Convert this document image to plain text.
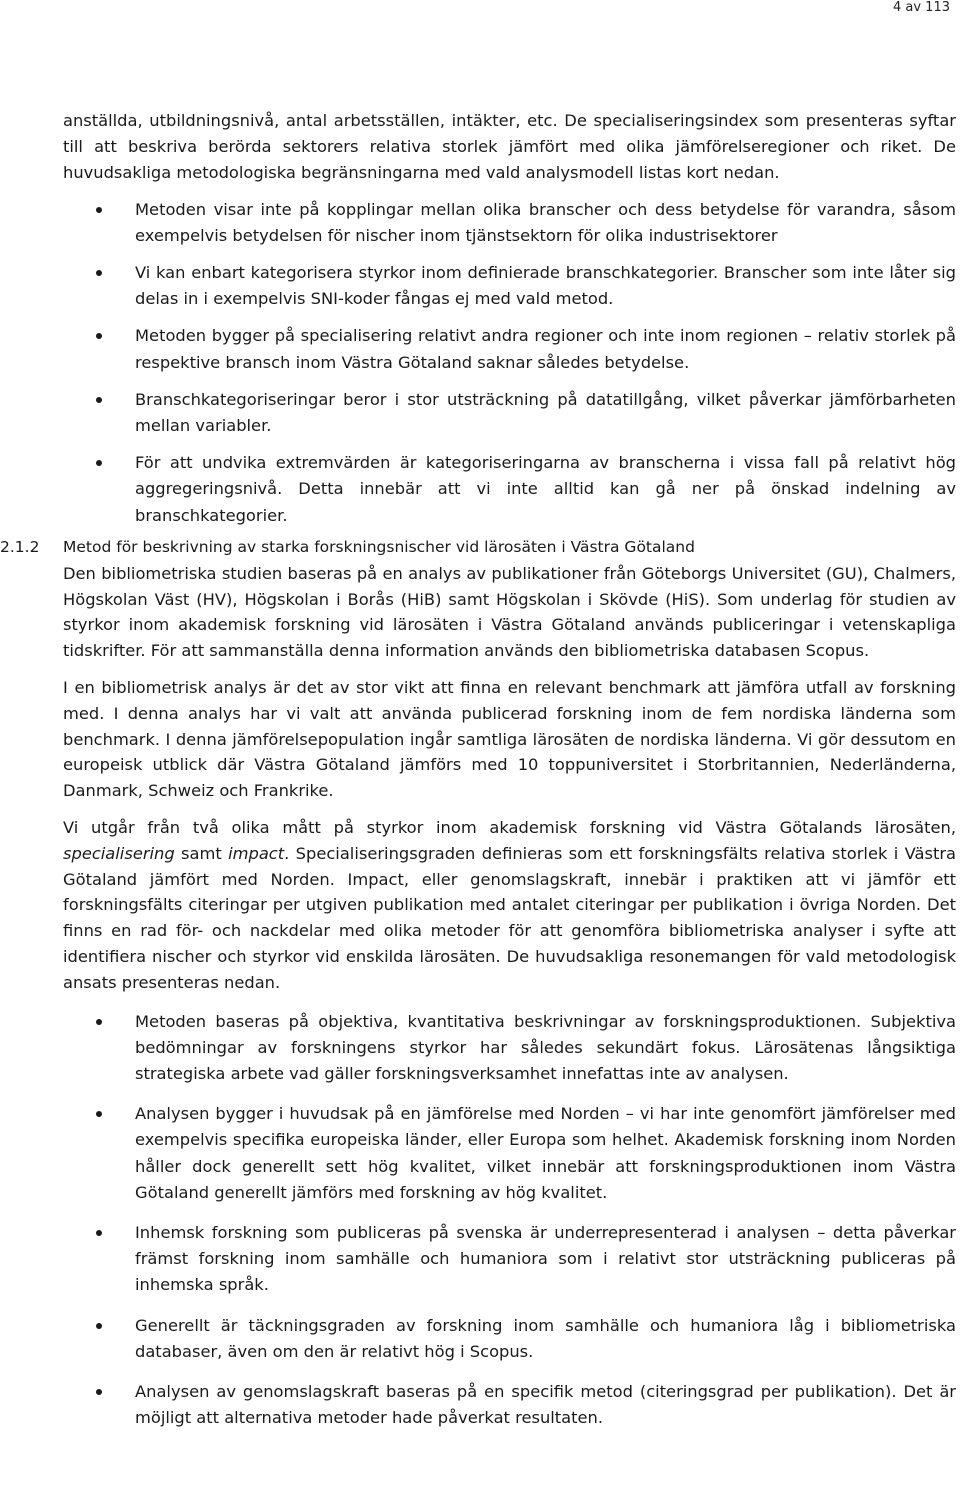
4 av 113

anställda, utbildningsnivå, antal arbetsställen, intäkter, etc. De specialiseringsindex som presenteras syftar till att beskriva berörda sektorers relativa storlek jämfört med olika jämförelseregioner och riket. De huvudsakliga metodologiska begränsningarna med vald analysmodell listas kort nedan.

Metoden visar inte på kopplingar mellan olika branscher och dess betydelse för varandra, såsom exempelvis betydelsen för nischer inom tjänstsektorn för olika industrisektorer
Vi kan enbart kategorisera styrkor inom definierade branschkategorier. Branscher som inte låter sig delas in i exempelvis SNI-koder fångas ej med vald metod.
Metoden bygger på specialisering relativt andra regioner och inte inom regionen – relativ storlek på respektive bransch inom Västra Götaland saknar således betydelse.
Branschkategoriseringar beror i stor utsträckning på datatillgång, vilket påverkar jämförbarheten mellan variabler.
För att undvika extremvärden är kategoriseringarna av branscherna i vissa fall på relativt hög aggregeringsnivå. Detta innebär att vi inte alltid kan gå ner på önskad indelning av branschkategorier.
2.1.2	Metod för beskrivning av starka forskningsnischer vid lärosäten i Västra Götaland

Den bibliometriska studien baseras på en analys av publikationer från Göteborgs Universitet (GU), Chalmers, Högskolan Väst (HV), Högskolan i Borås (HiB) samt Högskolan i Skövde (HiS). Som underlag för studien av styrkor inom akademisk forskning vid lärosäten i Västra Götaland används publiceringar i vetenskapliga tidskrifter. För att sammanställa denna information används den bibliometriska databasen Scopus.

I en bibliometrisk analys är det av stor vikt att finna en relevant benchmark att jämföra utfall av forskning med. I denna analys har vi valt att använda publicerad forskning inom de fem nordiska länderna som benchmark. I denna jämförelsepopulation ingår samtliga lärosäten de nordiska länderna. Vi gör dessutom en europeisk utblick där Västra Götaland jämförs med 10 toppuniversitet i Storbritannien, Nederländerna, Danmark, Schweiz och Frankrike.

Vi utgår från två olika mått på styrkor inom akademisk forskning vid Västra Götalands lärosäten, specialisering samt impact. Specialiseringsgraden definieras som ett forskningsfälts relativa storlek i Västra Götaland jämfört med Norden. Impact, eller genomslagskraft, innebär i praktiken att vi jämför ett forskningsfälts citeringar per utgiven publikation med antalet citeringar per publikation i övriga Norden. Det finns en rad för- och nackdelar med olika metoder för att genomföra bibliometriska analyser i syfte att identifiera nischer och styrkor vid enskilda lärosäten. De huvudsakliga resonemangen för vald metodologisk ansats presenteras nedan.

Metoden baseras på objektiva, kvantitativa beskrivningar av forskningsproduktionen. Subjektiva bedömningar av forskningens styrkor har således sekundärt fokus. Lärosätenas långsiktiga strategiska arbete vad gäller forskningsverksamhet innefattas inte av analysen.
Analysen bygger i huvudsak på en jämförelse med Norden – vi har inte genomfört jämförelser med exempelvis specifika europeiska länder, eller Europa som helhet. Akademisk forskning inom Norden håller dock generellt sett hög kvalitet, vilket innebär att forskningsproduktionen inom Västra Götaland generellt jämförs med forskning av hög kvalitet.
Inhemsk forskning som publiceras på svenska är underrepresenterad i analysen – detta påverkar främst forskning inom samhälle och humaniora som i relativt stor utsträckning publiceras på inhemska språk.
Generellt är täckningsgraden av forskning inom samhälle och humaniora låg i bibliometriska databaser, även om den är relativt hög i Scopus.
Analysen av genomslagskraft baseras på en specifik metod (citeringsgrad per publikation). Det är möjligt att alternativa metoder hade påverkat resultaten.
